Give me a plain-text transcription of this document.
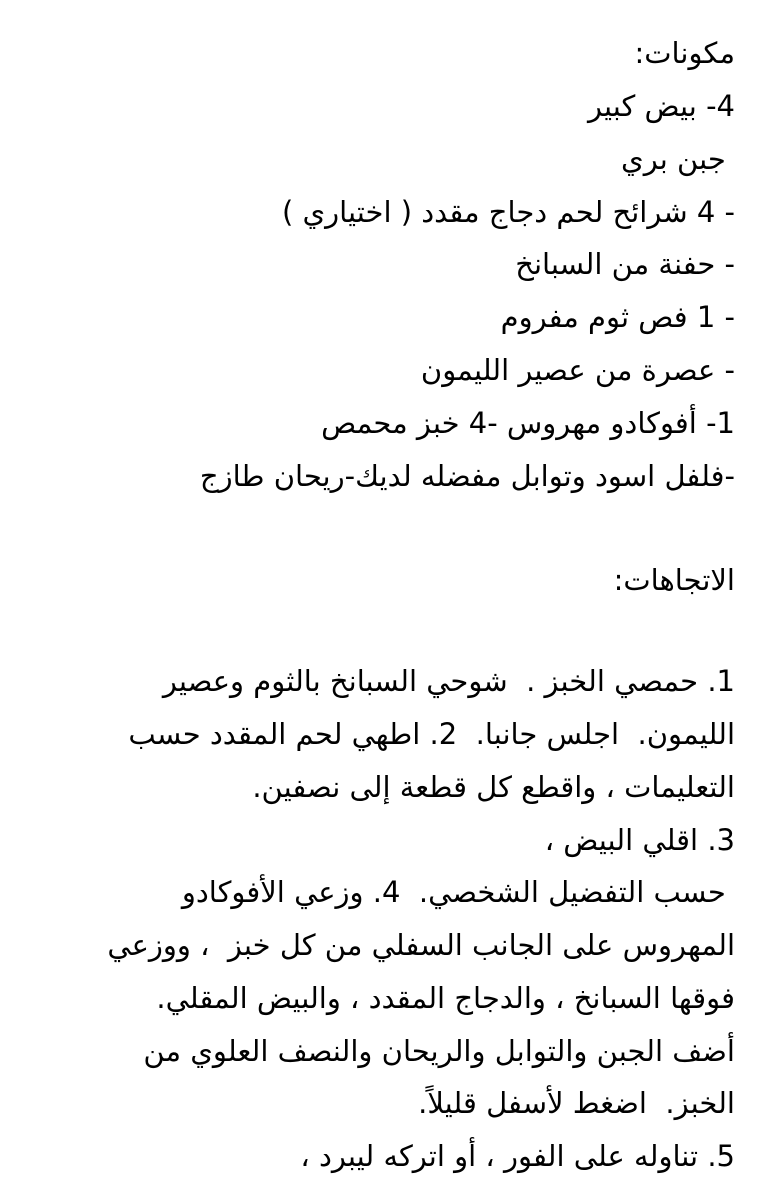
مكونات:
4- بيض كبير
جبن بري
- 4 شرائح لحم دجاج مقدد ( اختياري )
- حفنة من السبانخ
- 1 فص ثوم مفروم
- عصرة من عصير الليمون
1- أفوكادو مهروس -4 خبز محمص
-فلفل اسود وتوابل مفضله لديك-ريحان طازج
الاتجاهات:
1. حمصي الخبز .  شوحي السبانخ بالثوم وعصير
الليمون.  اجلس جانبا.  2. اطهي لحم المقدد حسب
التعليمات ، واقطع كل قطعة إلى نصفين.
3. اقلي البيض ،
حسب التفضيل الشخصي.  4. وزعي الأفوكادو
المهروس على الجانب السفلي من كل خبز  ، ووزعي
فوقها السبانخ ، والدجاج المقدد ، والبيض المقلي.
أضف الجبن والتوابل والريحان والنصف العلوي من
الخبز.  اضغط لأسفل قليلاً.
5. تناوله على الفور ، أو اتركه ليبرد ،
